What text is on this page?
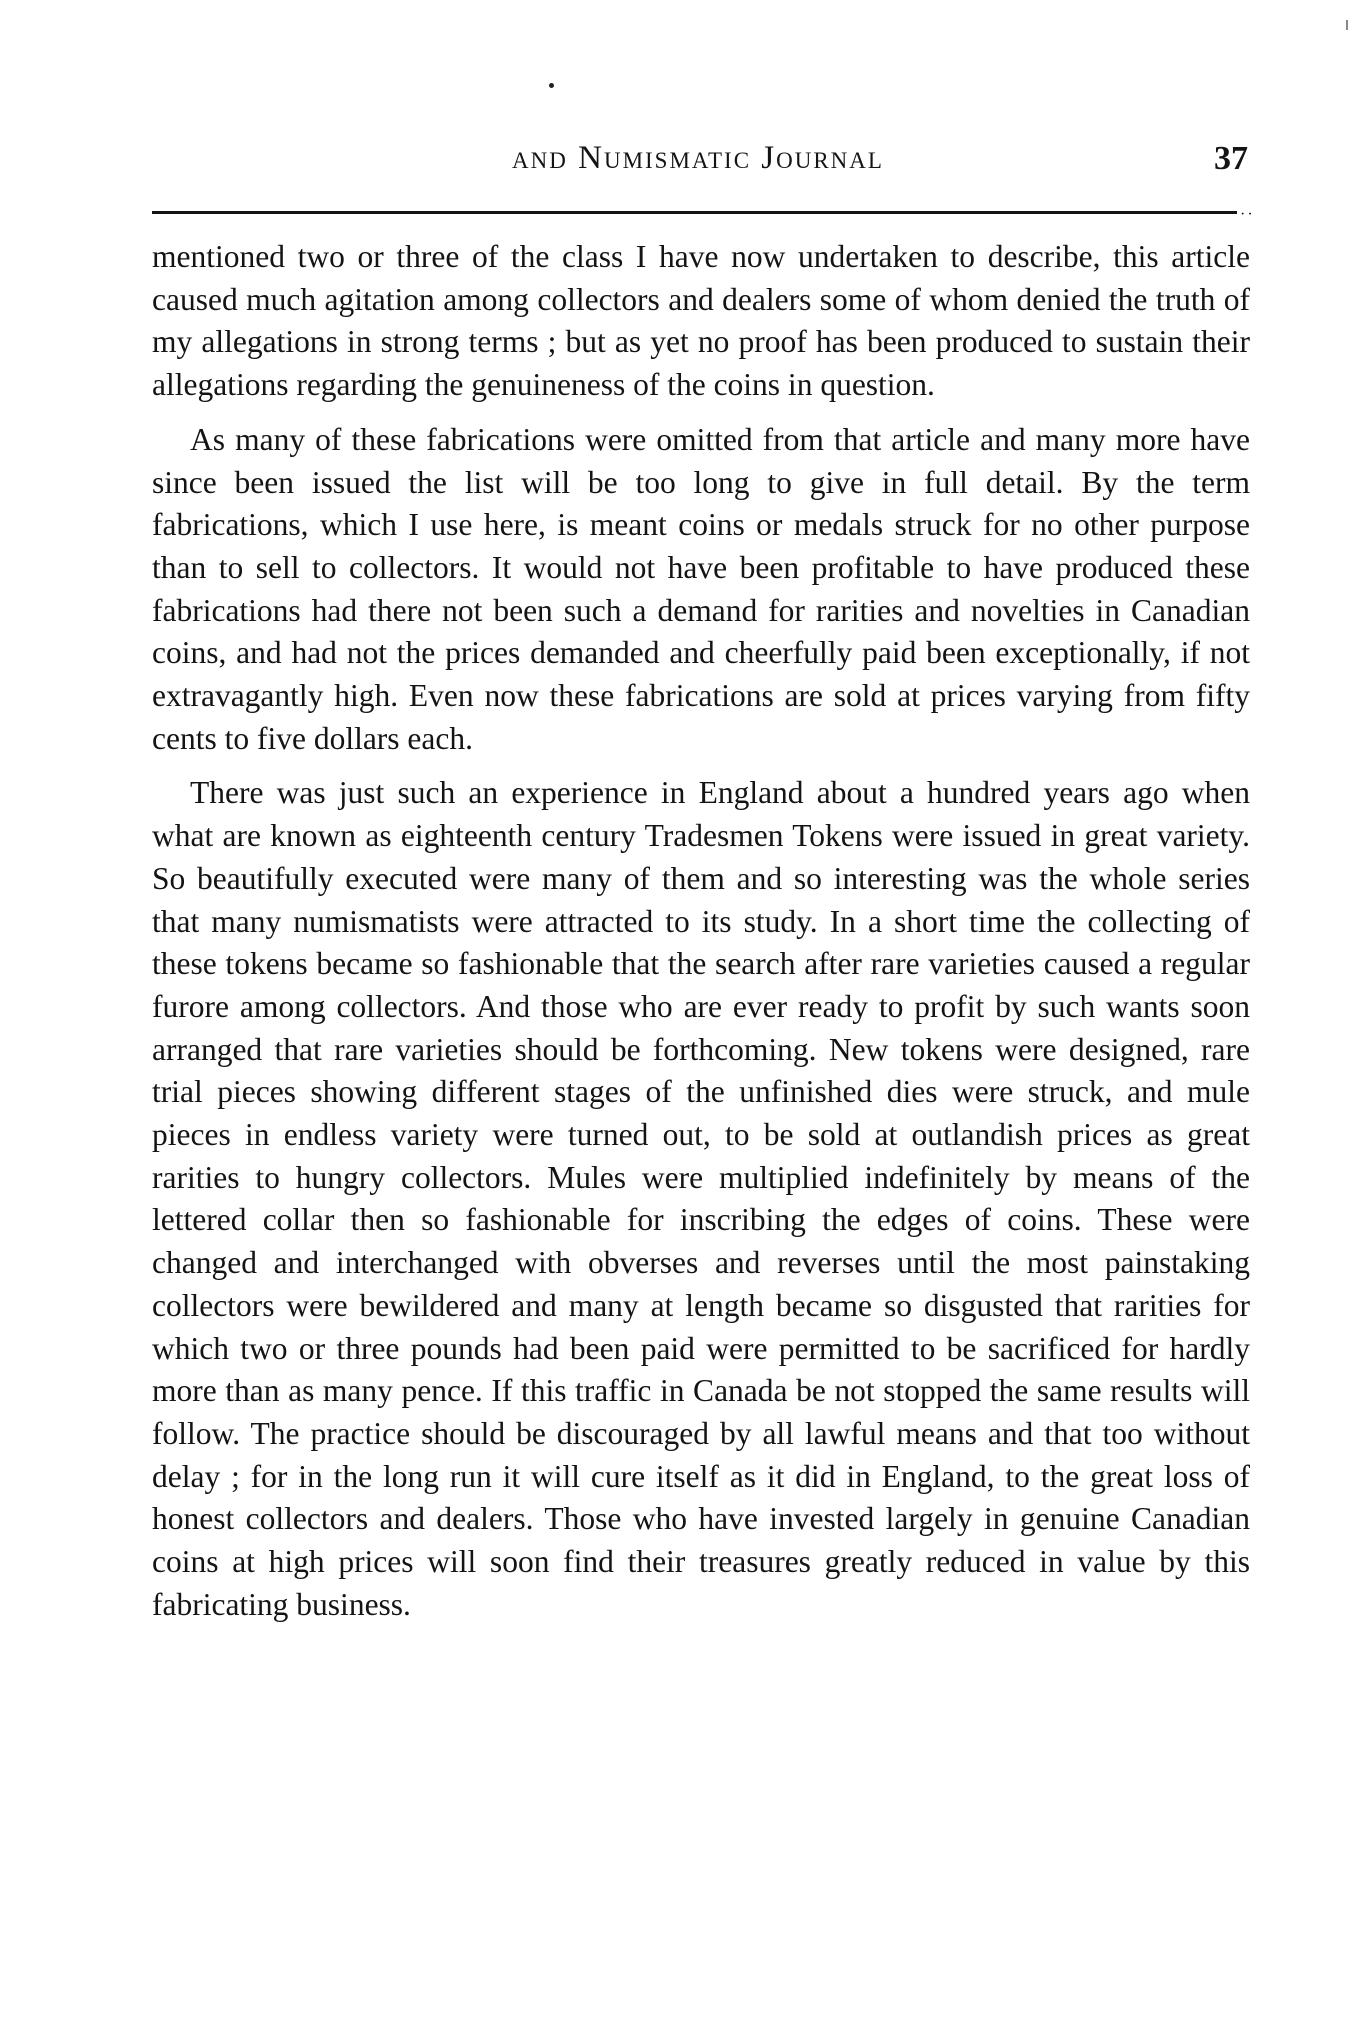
and Numismatic Journal	37
··

mentioned two or three of the class I have now undertaken to describe, this article caused much agitation among collectors and dealers some of whom denied the truth of my allegations in strong terms ; but as yet no proof has been produced to sustain their allegations regarding the genuineness of the coins in question.

As many of these fabrications were omitted from that article and many more have since been issued the list will be too long to give in full detail. By the term fabrications, which I use here, is meant coins or medals struck for no other purpose than to sell to collectors. It would not have been profitable to have produced these fabrications had there not been such a demand for rarities and novelties in Canadian coins, and had not the prices demanded and cheerfully paid been exceptionally, if not extravagantly high. Even now these fabrications are sold at prices varying from fifty cents to five dollars each.

There was just such an experience in England about a hundred years ago when what are known as eighteenth century Tradesmen Tokens were issued in great variety. So beautifully executed were many of them and so interesting was the whole series that many numismatists were attracted to its study. In a short time the collecting of these tokens became so fashionable that the search after rare varieties caused a regular furore among collectors. And those who are ever ready to profit by such wants soon arranged that rare varieties should be forthcoming. New tokens were designed, rare trial pieces showing different stages of the unfinished dies were struck, and mule pieces in endless variety were turned out, to be sold at outlandish prices as great rarities to hungry collectors. Mules were multiplied indefinitely by means of the lettered collar then so fashionable for inscribing the edges of coins. These were changed and interchanged with obverses and reverses until the most painstaking collectors were bewildered and many at length became so disgusted that rarities for which two or three pounds had been paid were permitted to be sacrificed for hardly more than as many pence. If this traffic in Canada be not stopped the same results will follow. The practice should be discouraged by all lawful means and that too without delay ; for in the long run it will cure itself as it did in England, to the great loss of honest collectors and dealers. Those who have invested largely in genuine Canadian coins at high prices will soon find their treasures greatly reduced in value by this fabricating business.
